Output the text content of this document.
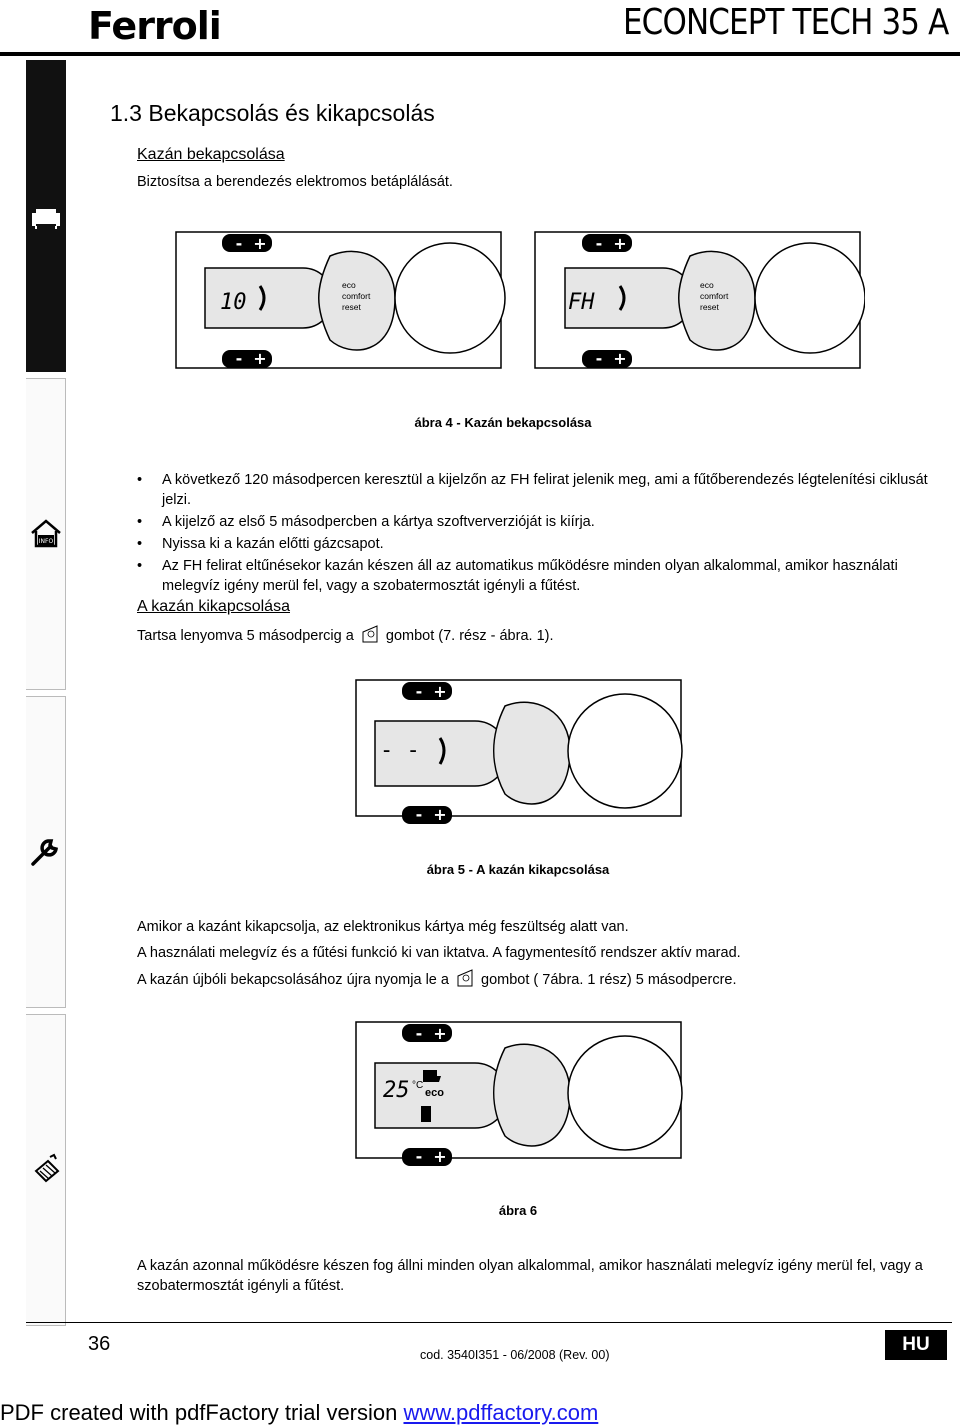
Ferroli	ECONCEPT TECH 35 A
INFO
1.3 Bekapcsolás és kikapcsolás
Kazán bekapcsolása
Biztosítsa a berendezés elektromos betáplálását.
- +
- +
- +
- +
10
eco
comfort
reset	FH
eco
comfort
reset
ábra 4 - Kazán bekapcsolása
• A következő 120 másodpercen keresztül a kijelzőn az FH felirat jelenik meg, ami a fűtőberendezés légtelenítési ciklusát jelzi.
• A kijelző az első 5 másodpercben a kártya szoftververzióját is kiírja.
• Nyissa ki a kazán előtti gázcsapot.
• Az FH felirat eltűnésekor kazán készen áll az automatikus működésre minden olyan alkalommal, amikor használati melegvíz igény merül fel, vagy a szobatermosztát igényli a fűtést.
A kazán kikapcsolása
Tartsa lenyomva 5 másodpercig a gombot (7. rész - ábra. 1).
- +
- +
- -
ábra 5 - A kazán kikapcsolása
Amikor a kazánt kikapcsolja, az elektronikus kártya még feszültség alatt van.
A használati melegvíz és a fűtési funkció ki van iktatva. A fagymentesítő rendszer aktív marad.
A kazán újbóli bekapcsolásához újra nyomja le a gombot ( 7ábra. 1 rész) 5 másodpercre.
- +
- +
25 °C
eco
ábra 6
A kazán azonnal működésre készen fog állni minden olyan alkalommal, amikor használati melegvíz igény merül fel, vagy a szobatermosztát igényli a fűtést.
36	cod. 3540I351 - 06/2008 (Rev. 00)	HU
PDF created with pdfFactory trial version www.pdffactory.com
